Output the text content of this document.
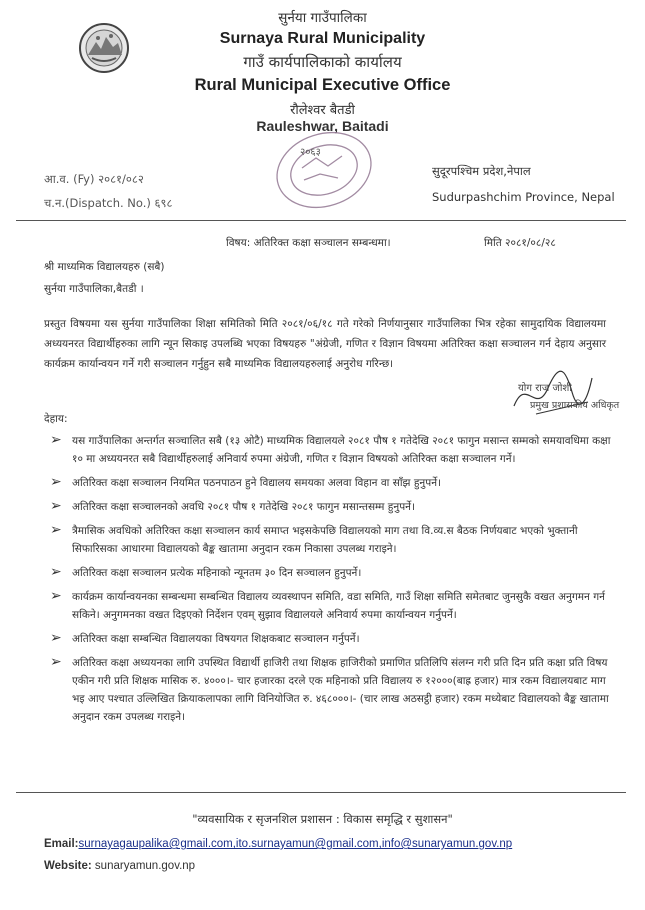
सुर्नया गाउँपालिका
Surnaya Rural Municipality
गाउँ कार्यपालिकाको कार्यालय
Rural Municipal Executive Office
रौलेश्वर बैतडी
Rauleshwar, Baitadi
२०६३
आ.व. (Fy) २०८१/०८२
च.न.(Dispatch. No.) ६९८
सुदूरपश्चिम प्रदेश,नेपाल
Sudurpashchim Province, Nepal
विषय: अतिरिक्त कक्षा सञ्चालन सम्बन्धमा।	मिति २०८१/०८/२८
श्री माध्यमिक विद्यालयहरु (सबै)
सुर्नया गाउँपालिका,बैतडी ।
प्रस्तुत विषयमा यस सुर्नया गाउँपालिका शिक्षा समितिको मिति २०८१/०६/१८ गते गरेको निर्णयानुसार गाउँपालिका भित्र रहेका सामुदायिक विद्यालयमा अध्ययनरत विद्यार्थीहरुका लागि न्यून सिकाइ उपलब्धि भएका विषयहरु "अंग्रेजी, गणित र विज्ञान विषयमा अतिरिक्त कक्षा सञ्चालन गर्न देहाय अनुसार कार्यक्रम कार्यान्वयन गर्ने गरी सञ्चालन गर्नुहुन सबै माध्यमिक विद्यालयहरुलाई अनुरोध गरिन्छ।
योग राज जोशी
प्रमुख प्रशासकीय अधिकृत
देहाय:
➢ यस गाउँपालिका अन्तर्गत सञ्चालित सबै (१३ ओटै) माध्यमिक विद्यालयले २०८१ पौष १ गतेदेखि २०८१ फागुन मसान्त सम्मको समयावधिमा कक्षा १० मा अध्ययनरत सबै विद्यार्थीहरुलाई अनिवार्य रुपमा अंग्रेजी, गणित र विज्ञान विषयको अतिरिक्त कक्षा सञ्चालन गर्ने।
➢ अतिरिक्त कक्षा सञ्चालन नियमित पठनपाठन हुने विद्यालय समयका अलवा विहान वा साँझ हुनुपर्ने।
➢ अतिरिक्त कक्षा सञ्चालनको अवधि २०८१ पौष १ गतेदेखि २०८१ फागुन मसान्तसम्म हुनुपर्ने।
➢ त्रैमासिक अवधिको अतिरिक्त कक्षा सञ्चालन कार्य समाप्त भइसकेपछि विद्यालयको माग तथा वि.व्य.स बैठक निर्णयबाट भएको भुक्तानी सिफारिसका आधारमा विद्यालयको बैङ्क खातामा अनुदान रकम निकासा उपलब्ध गराइने।
➢ अतिरिक्त कक्षा सञ्चालन प्रत्येक महिनाको न्यूनतम ३० दिन सञ्चालन हुनुपर्ने।
➢ कार्यक्रम कार्यान्वयनका सम्बन्धमा सम्बन्धित विद्यालय व्यवस्थापन समिति, वडा समिति, गाउँ शिक्षा समिति समेतबाट जुनसुकै वखत अनुगमन गर्न सकिने। अनुगमनका वखत दिइएको निर्देशन एवम् सुझाव विद्यालयले अनिवार्य रुपमा कार्यान्वयन गर्नुपर्ने।
➢ अतिरिक्त कक्षा सम्बन्धित विद्यालयका विषयगत शिक्षकबाट सञ्चालन गर्नुपर्ने।
➢ अतिरिक्त कक्षा अध्ययनका लागि उपस्थित विद्यार्थी हाजिरी तथा शिक्षक हाजिरीको प्रमाणित प्रतिलिपि संलग्न गरी प्रति दिन प्रति कक्षा प्रति विषय एकीन गरी प्रति शिक्षक मासिक रु. ४०००।- चार हजारका दरले एक महिनाको प्रति विद्यालय रु १२०००(बाह्र हजार) मात्र रकम विद्यालयबाट माग भइ आए पश्चात उल्लिखित क्रियाकलापका लागि विनियोजित रु. ४६८०००।- (चार लाख अठसट्ठी हजार) रकम मध्येबाट विद्यालयको बैङ्क खातामा अनुदान रकम उपलब्ध गराइने।
"व्यवसायिक र सृजनशिल प्रशासन : विकास समृद्धि र सुशासन"
Email:surnayagaupalika@gmail.com,ito.surnayamun@gmail.com,info@sunaryamun.gov.np
Website: sunaryamun.gov.np
